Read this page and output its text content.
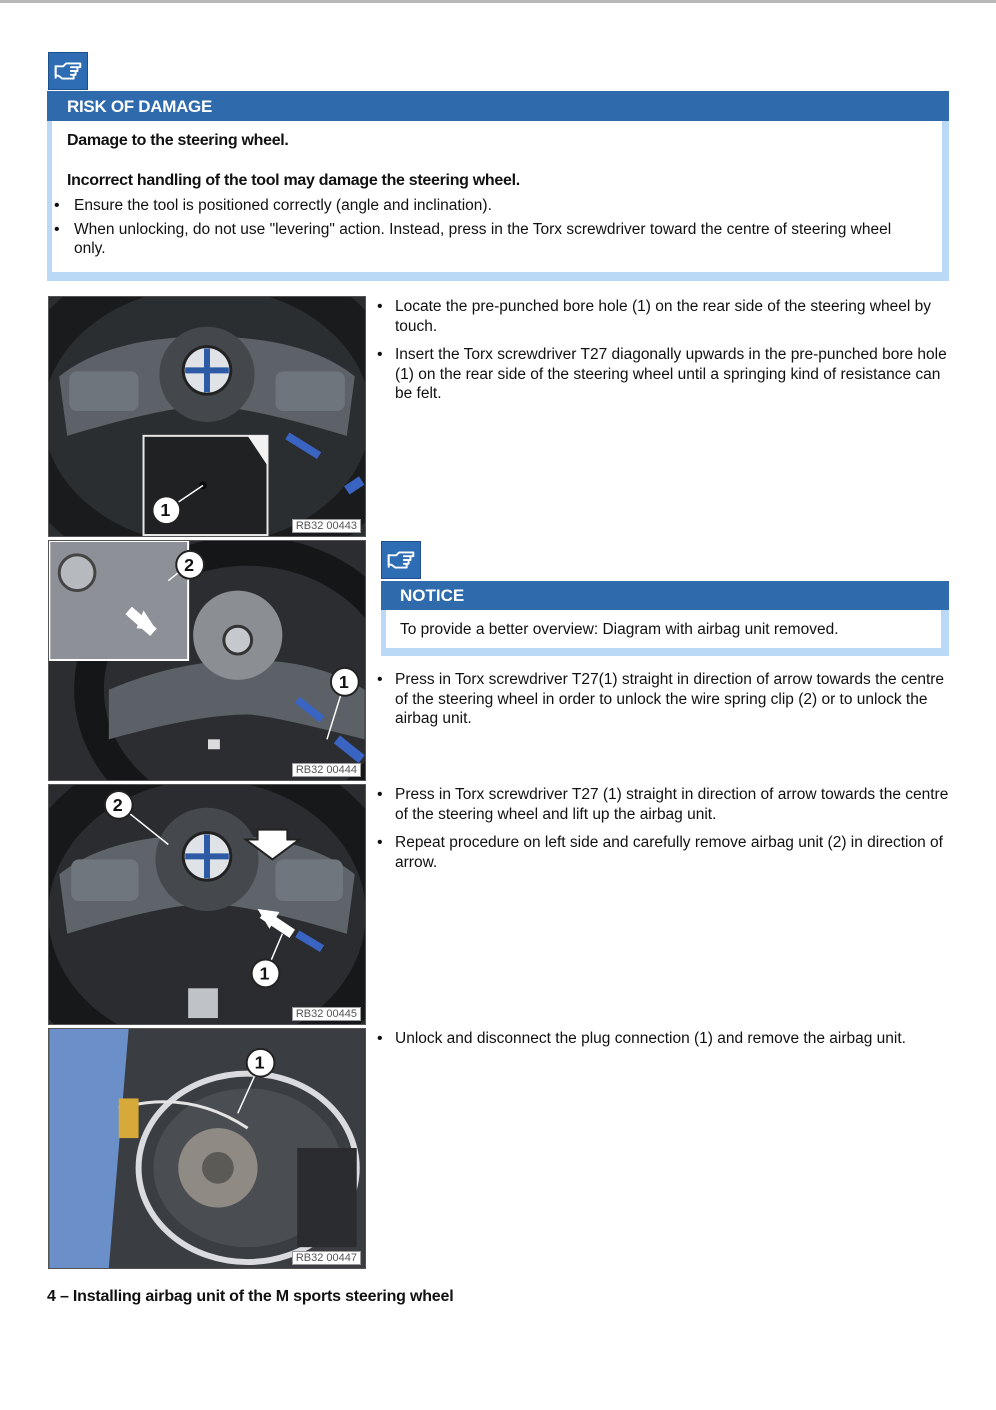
RISK OF DAMAGE
Damage to the steering wheel.
Incorrect handling of the tool may damage the steering wheel.
• Ensure the tool is positioned correctly (angle and inclination).
• When unlocking, do not use "levering" action. Instead, press in the Torx screwdriver toward the centre of steering wheel only.
1
RB32 00443
2
1
RB32 00444
2
1
RB32 00445
1
RB32 00447
• Locate the pre-punched bore hole (1) on the rear side of the steering wheel by touch.
• Insert the Torx screwdriver T27 diagonally upwards in the pre-punched bore hole (1) on the rear side of the steering wheel until a springing kind of resistance can be felt.
NOTICE
To provide a better overview: Diagram with airbag unit removed.
• Press in Torx screwdriver T27(1) straight in direction of arrow towards the centre of the steering wheel in order to unlock the wire spring clip (2) or to unlock the airbag unit.
• Press in Torx screwdriver T27 (1) straight in direction of arrow towards the centre of the steering wheel and lift up the airbag unit.
• Repeat procedure on left side and carefully remove airbag unit (2) in direction of arrow.
• Unlock and disconnect the plug connection (1) and remove the airbag unit.
4 – Installing airbag unit of the M sports steering wheel
